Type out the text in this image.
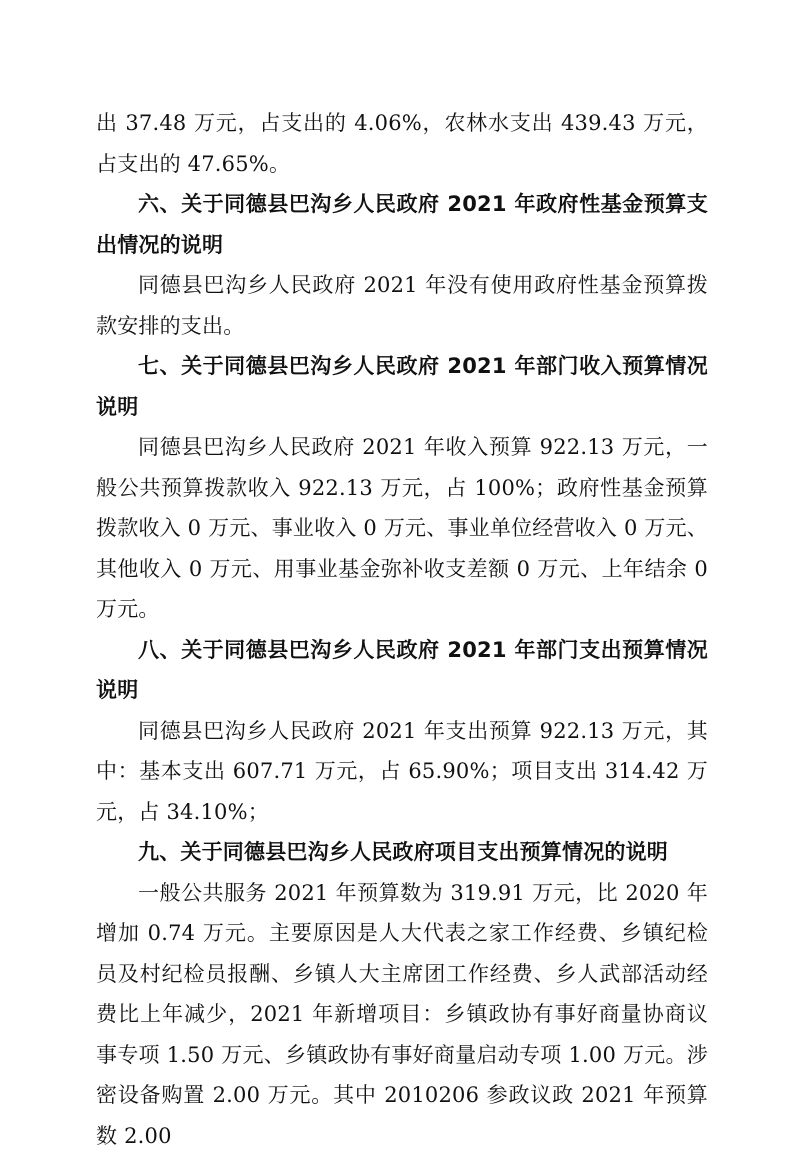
出 37.48 万元，占支出的 4.06%，农林水支出 439.43 万元，占支出的 47.65%。

六、关于同德县巴沟乡人民政府 2021 年政府性基金预算支出情况的说明

同德县巴沟乡人民政府 2021 年没有使用政府性基金预算拨款安排的支出。

七、关于同德县巴沟乡人民政府 2021 年部门收入预算情况说明

同德县巴沟乡人民政府 2021 年收入预算 922.13 万元，一般公共预算拨款收入 922.13 万元，占 100%；政府性基金预算拨款收入 0 万元、事业收入 0 万元、事业单位经营收入 0 万元、其他收入 0 万元、用事业基金弥补收支差额 0 万元、上年结余 0 万元。

八、关于同德县巴沟乡人民政府 2021 年部门支出预算情况说明

同德县巴沟乡人民政府 2021 年支出预算 922.13 万元，其中：基本支出 607.71 万元，占 65.90%；项目支出 314.42 万元，占 34.10%；

九、关于同德县巴沟乡人民政府项目支出预算情况的说明

一般公共服务 2021 年预算数为 319.91 万元，比 2020 年增加 0.74 万元。主要原因是人大代表之家工作经费、乡镇纪检员及村纪检员报酬、乡镇人大主席团工作经费、乡人武部活动经费比上年减少，2021 年新增项目：乡镇政协有事好商量协商议事专项 1.50 万元、乡镇政协有事好商量启动专项 1.00 万元。涉密设备购置 2.00 万元。其中 2010206 参政议政 2021 年预算数 2.00
